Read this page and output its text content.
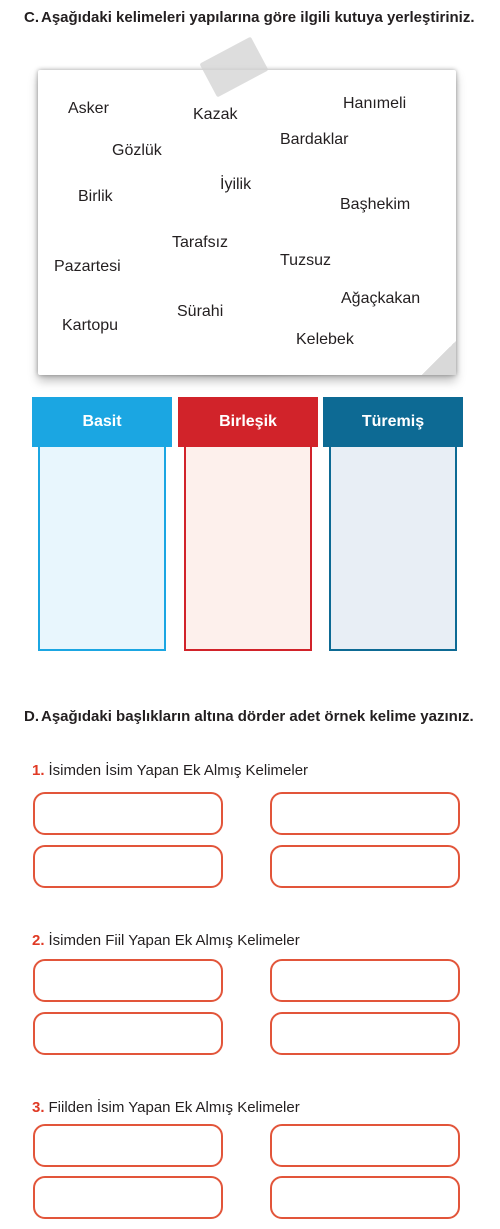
C. Aşağıdaki kelimeleri yapılarına göre ilgili kutuya yerleştiriniz.
Asker	Kazak
Hanımeli
Gözlük
Bardaklar
Birlik
İyilik
Başhekim
Tarafsız
Pazartesi	Tuzsuz
Ağaçkakan
Kartopu
Sürahi
Kelebek
Basit	Birleşik	Türemiş
D. Aşağıdaki başlıkların altına dörder adet örnek kelime yazınız.
1. İsimden İsim Yapan Ek Almış Kelimeler
2. İsimden Fiil Yapan Ek Almış Kelimeler
3. Fiilden İsim Yapan Ek Almış Kelimeler
